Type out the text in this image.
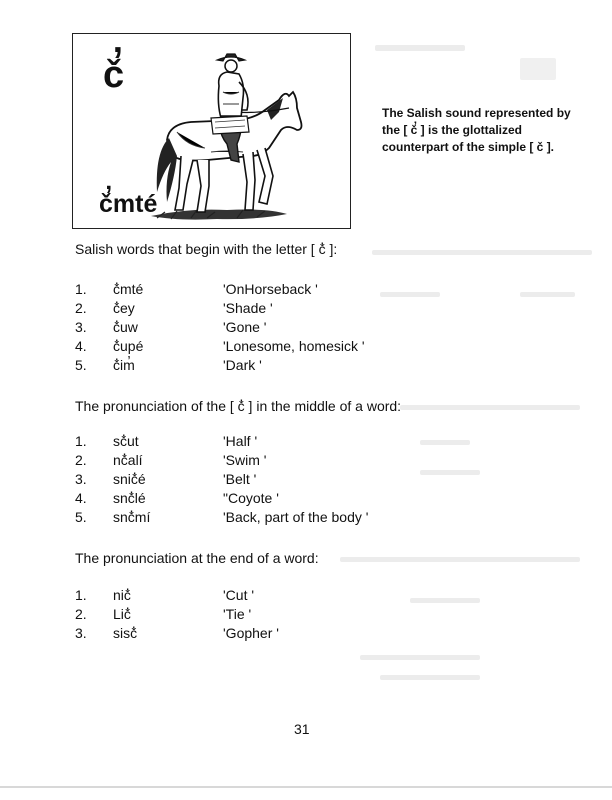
č̓
č̓mté
The Salish sound represented by the [ č̓ ] is the glottalized counterpart of the simple [ č ].
Salish words that begin with the letter [ č̓ ]:
1. č̓mté	'OnHorseback '
2. č̓ey	'Shade '
3. č̓uw	'Gone '
4. č̓upé	'Lonesome, homesick '
5. č̓im̓	'Dark '
The pronunciation of the [ č̓ ] in the middle of a word:
1. sč̓ut	'Half '
2. nč̓alí	'Swim '
3. snič̓é	'Belt '
4. snč̓lé	"Coyote '
5. snč̓mí	'Back, part of the body '
The pronunciation at the end of a word:
1. nič̓	'Cut '
2. Lič̓	'Tie '
3. sisč̓	'Gopher '
31
